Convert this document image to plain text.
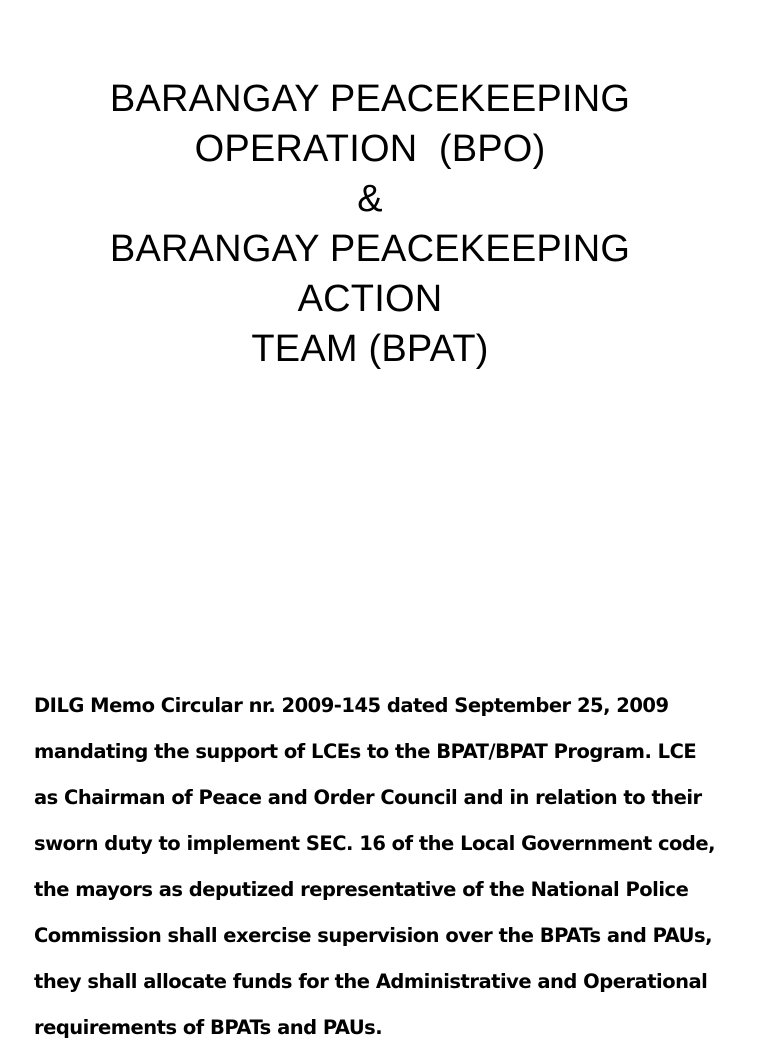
BARANGAY PEACEKEEPING
OPERATION  (BPO)
&
BARANGAY PEACEKEEPING
ACTION
TEAM (BPAT)
DILG Memo Circular nr. 2009-145 dated September 25, 2009
mandating the support of LCEs to the BPAT/BPAT Program. LCE
as Chairman of Peace and Order Council and in relation to their
sworn duty to implement SEC. 16 of the Local Government code,
the mayors as deputized representative of the National Police
Commission shall exercise supervision over the BPATs and PAUs,
they shall allocate funds for the Administrative and Operational
requirements of BPATs and PAUs.
